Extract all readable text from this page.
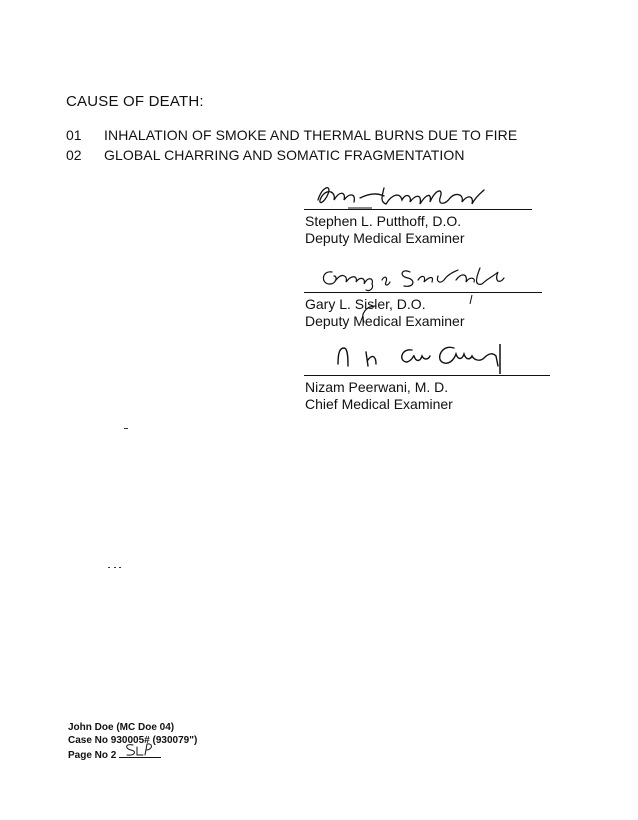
CAUSE OF DEATH:
01 INHALATION OF SMOKE AND THERMAL BURNS DUE TO FIRE
02 GLOBAL CHARRING AND SOMATIC FRAGMENTATION
Stephen L. Putthoff, D.O.
Deputy Medical Examiner
Gary L. Sisler, D.O.
Deputy Medical Examiner
Nizam Peerwani, M. D.
Chief Medical Examiner
John Doe (MC Doe 04)
Case No 930005# (930079")
Page No 2
